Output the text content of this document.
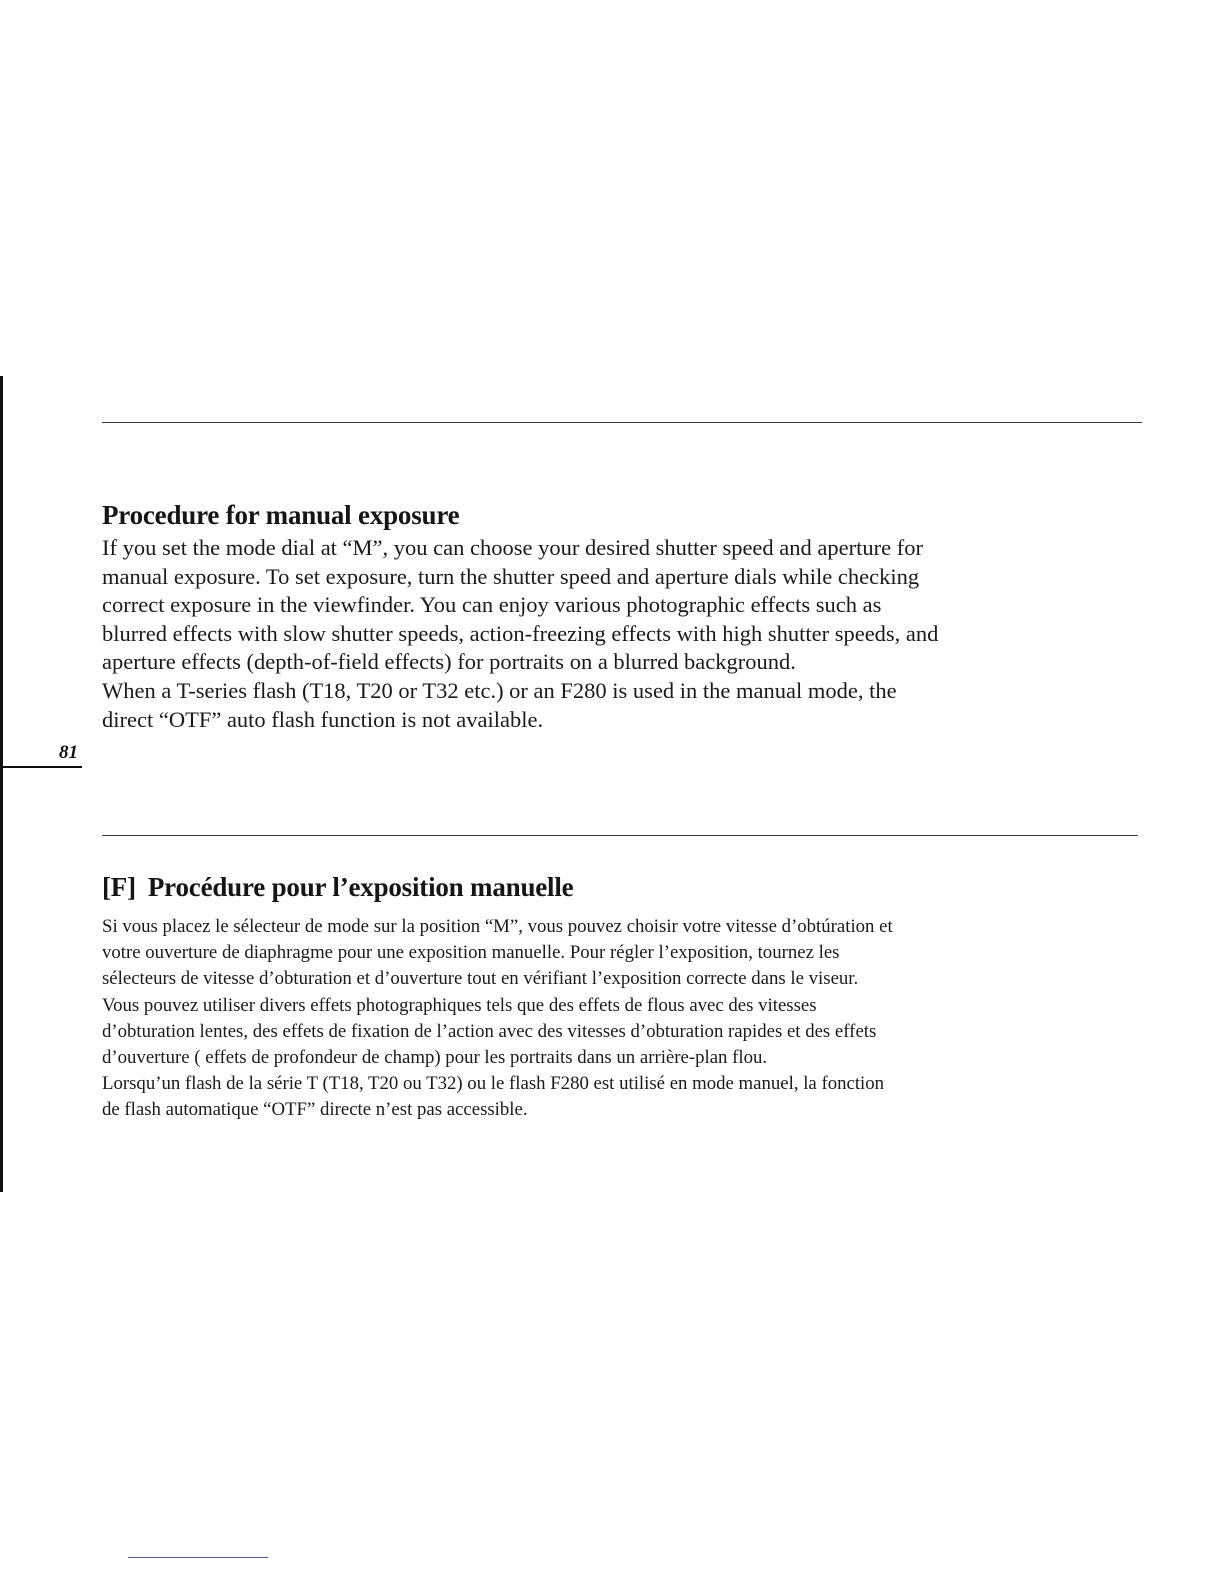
Procedure for manual exposure

If you set the mode dial at “M”, you can choose your desired shutter speed and aperture for
manual exposure. To set exposure, turn the shutter speed and aperture dials while checking
correct exposure in the viewfinder. You can enjoy various photographic effects such as
blurred effects with slow shutter speeds, action-freezing effects with high shutter speeds, and
aperture effects (depth-of-field effects) for portraits on a blurred background.

When a T-series flash (T18, T20 or T32 etc.) or an F280 is used in the manual mode, the
direct “OTF” auto flash function is not available.

81
[F] Procédure pour l’exposition manuelle

Si vous placez le sélecteur de mode sur la position “M”, vous pouvez choisir votre vitesse d’obtúration et
votre ouverture de diaphragme pour une exposition manuelle. Pour régler l’exposition, tournez les
sélecteurs de vitesse d’obturation et d’ouverture tout en vérifiant l’exposition correcte dans le viseur.
Vous pouvez utiliser divers effets photographiques tels que des effets de flous avec des vitesses
d’obturation lentes, des effets de fixation de l’action avec des vitesses d’obturation rapides et des effets
d’ouverture ( effets de profondeur de champ) pour les portraits dans un arrière-plan flou.

Lorsqu’un flash de la série T (T18, T20 ou T32) ou le flash F280 est utilisé en mode manuel, la fonction
de flash automatique “OTF” directe n’est pas accessible.
